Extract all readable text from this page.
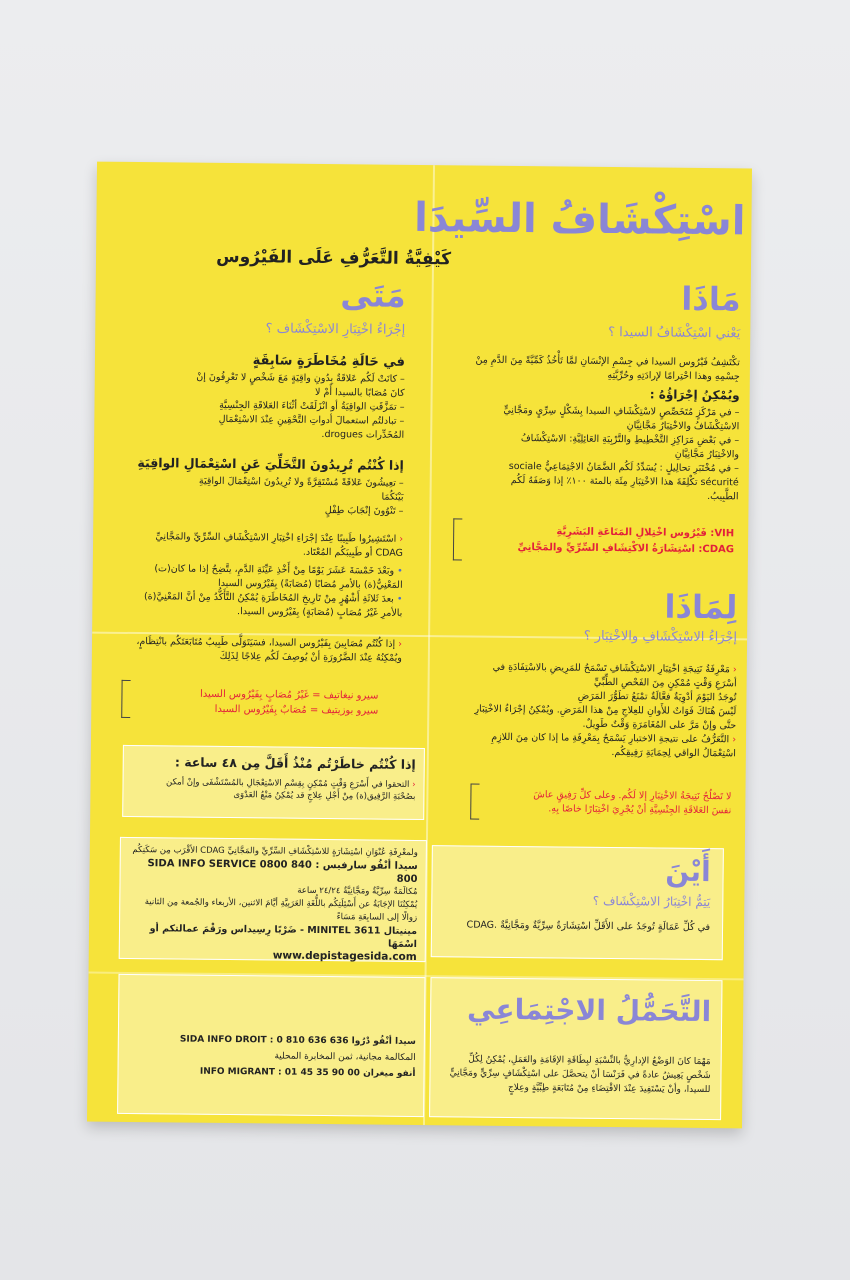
اسْتِكْشَافُ السِّيدَا
كَيْفِيَّةُ التَّعَرُّفِ عَلَى الفَيْرُوس
مَاذَا
يَعْني اسْتِكْشَافُ السيدا ؟

تكْتَشِفُ فَيْرُوس السيدا في جِسْمِ الإنْسَانِ لمَّا تَأْخُذُ كَمِّيَّةً مِنَ الدَّمِ مِنْ

جِسْمِهِ وهذا احْتِرامًا لإرادَتِهِ وحُرِّيَّتِهِ

ويُمْكِنُ إجْرَاؤُهُ :

– في مَرْكَزٍ مُتَخَصِّصٍ لاسْتِكْشَافِ السيدا بِشَكْلٍ سِرِّيٍ ومَجَّانِيٍّ

الاسْتِكْشَافُ والاخْتِبَارُ مَجَّانِيَّانِ

– في بَعْضِ مَرَاكِزِ التَّخْطِيطِ والتَّرْبِيَةِ العَائِلِيَّةِ: الاسْتِكْشَافُ

والاخْتِبَارُ مَجَّانِيَّانِ

– في مُخْتَبَرِ تحالِيلٍ : يُسَدِّدُ لَكُم الضَّمَانُ الاجْتِمَاعِيُّ sociale

sécurité تكْلِفَةَ هذا الاخْتِبَارِ مِئَة بالمئة ١٠٠٪ إذا وَصَفَهُ لَكُم

الطَّبِيبُ.

VIH: فَيْرُوس اخْتِلالِ المَنَاعَةِ البَشَرِيَّةِ

CDAG: اسْتِشَارَةُ الاكْتِشَافِ السِّرِّيِّ والمَجَّانِيِّ

مَتَى
إجْرَاءُ اخْتِبَارِ الاسْتِكْشَاف ؟
في حَالَةِ مُخَاطَرَةٍ سَابِقَةٍ

– كانَتْ لَكُم عَلاقَةٌ بِدُونِ واقِيَةٍ مَعَ شَخْصٍ لا تَعْرِفُونَ إنْ

كانَ مُصَابًا بالسيدا أَمْ لا

– تمَزَّقَتِ الواقِيَةُ أو انْزَلَقَتْ أثْنَاءَ العَلاقَةِ الجِنْسِيَّةِ

– تبادلتُم استعمالَ أدواتِ التَّحْقِينِ عِنْدَ الاسْتِعْمَالِ

المُخَدِّرات drogues.

إذا كُنْتُم تُرِيدُونَ التَّخَلِّيَ عَنِ اسْتِعْمَالِ الواقِيَةِ

– تعِيشُونَ عَلاقَةً مُسْتَقِرَّةً ولا تُرِيدُونَ اسْتِعْمَالَ الواقِيَةِ

بَيْنَكُمَا

– تَنْوُونَ إنْجَابَ طِفْلٍ

‹ اسْتَشِيرُوا طَبِيبًا عِنْدَ إجْرَاءِ اخْتِبَارِ الاسْتِكْشَافِ السِّرِّيِّ والمَجَّانِيِّ

CDAG أو طَبِيبَكُم المُعْتَاد.

• وبَعْدَ خَمْسَةَ عَشَرَ يَوْمًا مِنْ أَخْذِ عَيِّنَةِ الدَّمِ، يتَّضِحُ إذا ما كان(ت)

المَعْنِيُّ(ة) بالأمرِ مُصَابًا (مُصَابَةً) بِفَيْرُوس السيدا

• بعدَ ثَلاثَةِ أَشْهُرٍ مِنْ تَارِيخِ المُخَاطَرَةِ يُمْكِنُ التَّأَكُّدُ مِنْ أنَّ المَعْنِيَّ(ة)

بالأمرِ غَيْرُ مُصَابٍ (مُصَابَةٍ) بِفَيْرُوس السيدا.

‹ إذا كُنْتُم مُصَابِينَ بِفَيْرُوس السيدا، فسَيَتَوَلَّى طَبِيبٌ مُتَابَعَتَكُم بانْتِظَامٍ،

ويُمْكِنُهُ عِنْدَ الضَّرُورَةِ أنْ يُوصِفَ لَكُم عِلاجًا لِذَلِكَ

سيرو نيغاتيف = غَيْرُ مُصَابٍ بِفَيْرُوس السيدا

سيرو بوزيتيف = مُصَابٌ بِفَيْرُوس السيدا

إذا كُنْتُم خاطَرْتُم مُنْذُ أَقَلَّ مِن ٤٨ ساعة :

‹ التحقوا في أَسْرَعِ وَقْتٍ مُمْكِنٍ بِقِسْمِ الاسْتِعْجَالِ بالمُسْتَشْفَى وإنْ أمكن

بصُحْبَةِ الرَّفِيق(ة) مِنْ أَجْلِ عِلاجٍ قد يُمْكِنُ مَنْعُ العَدْوَى

لِمَاذَا
إجْرَاءُ الاسْتِكْشَافِ والاخْتِبَار ؟

‹ مَعْرِفَةُ نَتِيجَةِ اخْتِبَارِ الاسْتِكْشَافِ تَسْمَحُ للمَرِيضِ بالاسْتِفَادَةِ في

أسْرَعِ وَقْتٍ مُمْكِنٍ مِنَ الفَحْصِ الطِّبِّيِّ

تُوجَدُ اليَوْمَ أدْوِيَةٌ فعَّالَةٌ تمْنَعُ تطَوُّرَ المَرَضِ

لَيْسَ هُنَاكَ فَوَاتٌ للأَوانِ للعِلاجِ مِنْ هذا المَرَضِ. ويُمْكِنُ إجْرَاءُ الاخْتِبَارِ

حتَّى وإنْ مَرَّ على المُغَامَرَةِ وَقْتٌ طَوِيلٌ.

‹ التَّعَرُّفُ على نتيجةِ الاختبارِ يَسْمَحُ بِمَعْرِفَةِ ما إذا كان مِنَ اللازِمِ

اسْتِعْمَالُ الواقي لِحِمَايَةِ رَفِيقِكُم.

لا تَصْلُحُ نَتِيجَةُ الاخْتِبَارِ إلا لَكُم. وعلى كلِّ رَفِيقٍ عاشَ

نفسَ العَلاقَةِ الجِنْسِيَّةِ أنْ يُجْرِيَ اخْتِبَارًا خاصًا بِهِ.

ولمعْرِفَةِ عُنْوَانِ اسْتِشَارَةٍ للاسْتِكْشَافِ السِّرِّيِّ والمَجَّانِيِّ CDAG الأقْرَب مِن سَكَنِكُم

سيدا أنْفُو سارفيس : SIDA INFO SERVICE 0800 840 800

مُكالَمَةٌ سِرِّيَّةٌ ومَجَّانِيَّةٌ ٢٤/٢٤ ساعة

يُمْكِنُنَا الإجَابَةُ عن أَسْئِلَتِكُم باللُّغَةِ العَرَبِيَّةِ أيَّامَ الاثنين، الأربعاء والجُمعة مِن الثانية

زوالًا إلى السابِعَةِ مَسَاءً

مينيتال MINITEL 3611 - ضَرْبًا رِسِيداس ورَقْمَ عمالتكم أو اسْمَهَا

www.depistagesida.com

أَيْنَ
يَتِمُّ اخْتِبَارُ الاسْتِكْشَاف ؟
في كُلِّ عَمَالَةٍ تُوجَدُ على الأَقَلِّ اسْتِشَارَةٌ سِرِّيَّةٌ ومَجَّانِيَّةٌ .CDAG

سيدا أنْفُو دْرُوا SIDA INFO DROIT : 0 810 636 636

المكالمة مجانية، ثمن المخابرة المحلية

أنفو ميغران INFO MIGRANT : 01 45 35 90 00

التَّحَمُّلُ الاجْتِمَاعِي

مَهْمَا كانَ الوَضْعُ الإدارِيُّ بالنِّسْبَةِ لبِطَاقَةِ الإقَامَةِ والعَمَلِ، يُمْكِنُ لِكُلِّ

شَخْصٍ يَعِيشُ عادةً في فَرَنْسَا أنْ يتحصَّلَ على اسْتِكْشَافٍ سِرِّيٍّ ومَجَّانِيٍّ

للسيدا، وأنْ يَسْتَفِيدَ عِنْدَ الاقْتِضَاءِ مِنْ مُتَابَعَةٍ طِبِّيَّةٍ وعِلاجٍ
